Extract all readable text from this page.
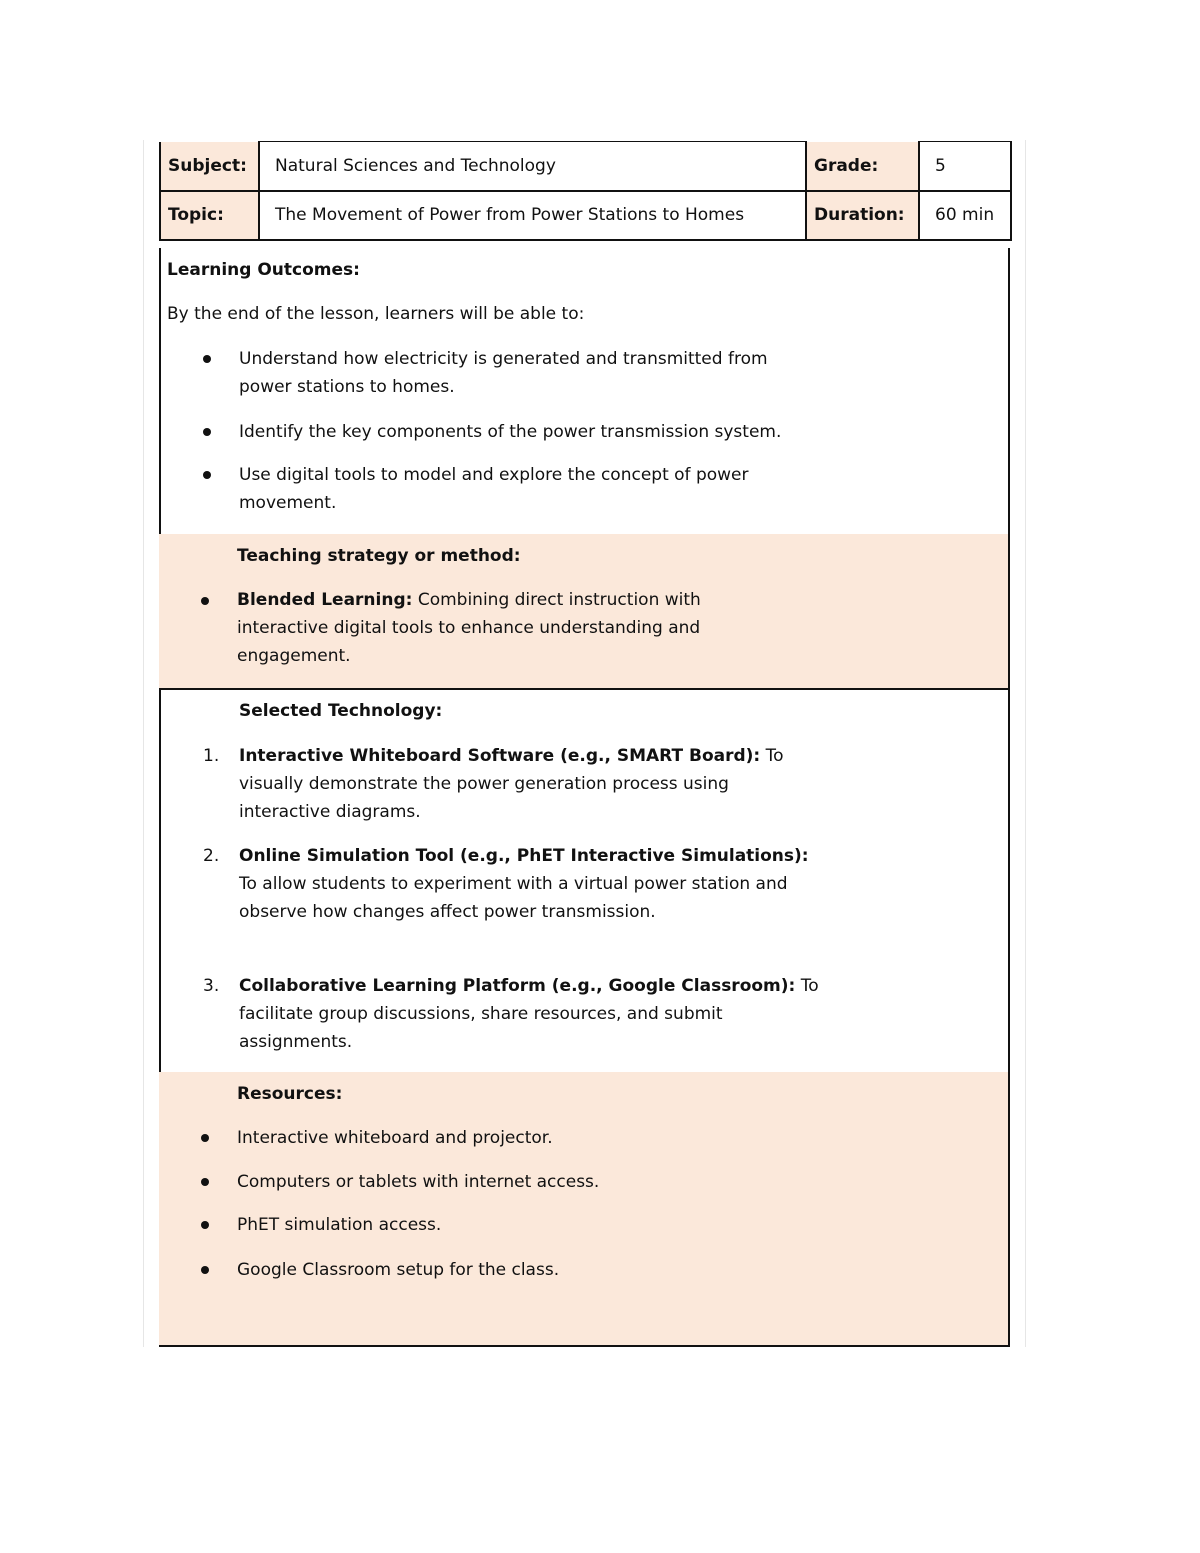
Subject:	Natural Sciences and Technology	Grade:	5
Topic:	The Movement of Power from Power Stations to Homes	Duration:	60 min
Learning Outcomes:
By the end of the lesson, learners will be able to:
Understand how electricity is generated and transmitted from power stations to homes.
Identify the key components of the power transmission system.
Use digital tools to model and explore the concept of power movement.
Teaching strategy or method:
Blended Learning: Combining direct instruction with interactive digital tools to enhance understanding and engagement.
Selected Technology:
1. Interactive Whiteboard Software (e.g., SMART Board): To visually demonstrate the power generation process using interactive diagrams.
2. Online Simulation Tool (e.g., PhET Interactive Simulations): To allow students to experiment with a virtual power station and observe how changes affect power transmission.
3. Collaborative Learning Platform (e.g., Google Classroom): To facilitate group discussions, share resources, and submit assignments.
Resources:
Interactive whiteboard and projector.
Computers or tablets with internet access.
PhET simulation access.
Google Classroom setup for the class.
